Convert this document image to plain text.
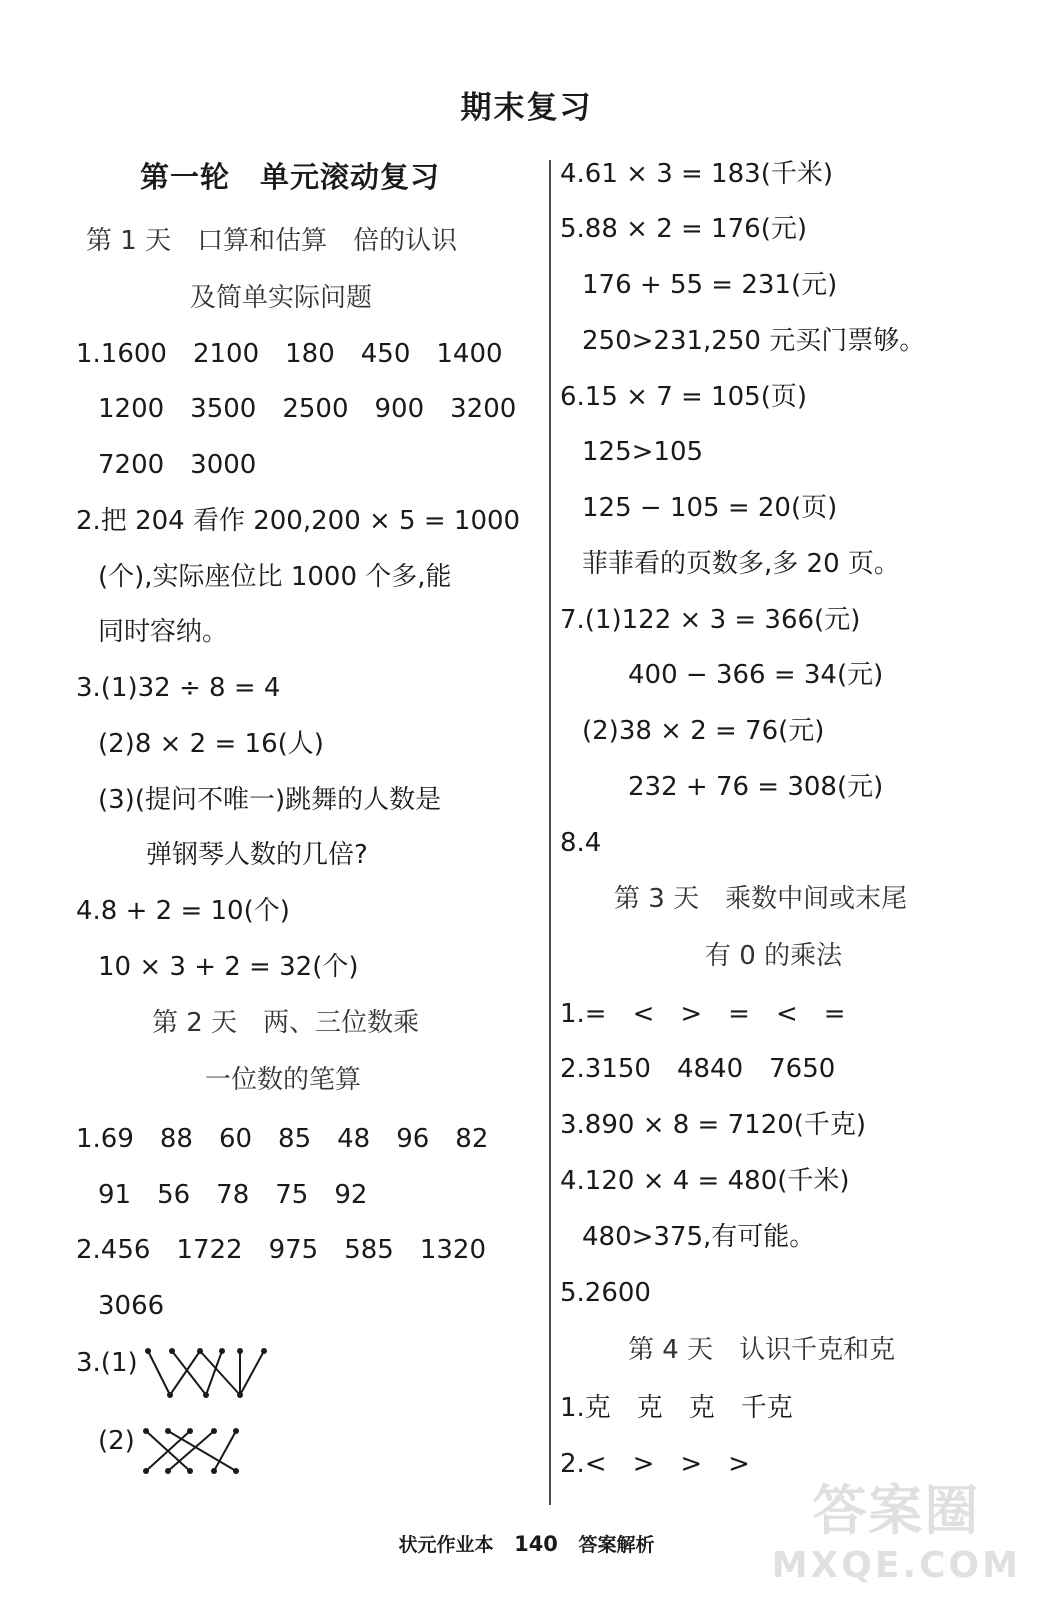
期末复习
第一轮　单元滚动复习
第 1 天　口算和估算　倍的认识
及简单实际问题
1.1600　2100　180　450　1400
1200　3500　2500　900　3200
7200　3000
2.把 204 看作 200,200 × 5 = 1000
(个),实际座位比 1000 个多,能
同时容纳。
3.(1)32 ÷ 8 = 4
(2)8 × 2 = 16(人)
(3)(提问不唯一)跳舞的人数是
弹钢琴人数的几倍?
4.8 + 2 = 10(个)
10 × 3 + 2 = 32(个)
第 2 天　两、三位数乘
一位数的笔算
1.69　88　60　85　48　96　82
91　56　78　75　92
2.456　1722　975　585　1320
3066
3.(1)
(2)
4.61 × 3 = 183(千米)
5.88 × 2 = 176(元)
176 + 55 = 231(元)
250>231,250 元买门票够。
6.15 × 7 = 105(页)
125>105
125 − 105 = 20(页)
菲菲看的页数多,多 20 页。
7.(1)122 × 3 = 366(元)
400 − 366 = 34(元)
(2)38 × 2 = 76(元)
232 + 76 = 308(元)
8.4
第 3 天　乘数中间或末尾
有 0 的乘法
1.=　<　>　=　<　=
2.3150　4840　7650
3.890 × 8 = 7120(千克)
4.120 × 4 = 480(千米)
480>375,有可能。
5.2600
第 4 天　认识千克和克
1.克　克　克　千克
2.<　>　>　>
状元作业本 140 答案解析
答案圈
MXQE.COM
